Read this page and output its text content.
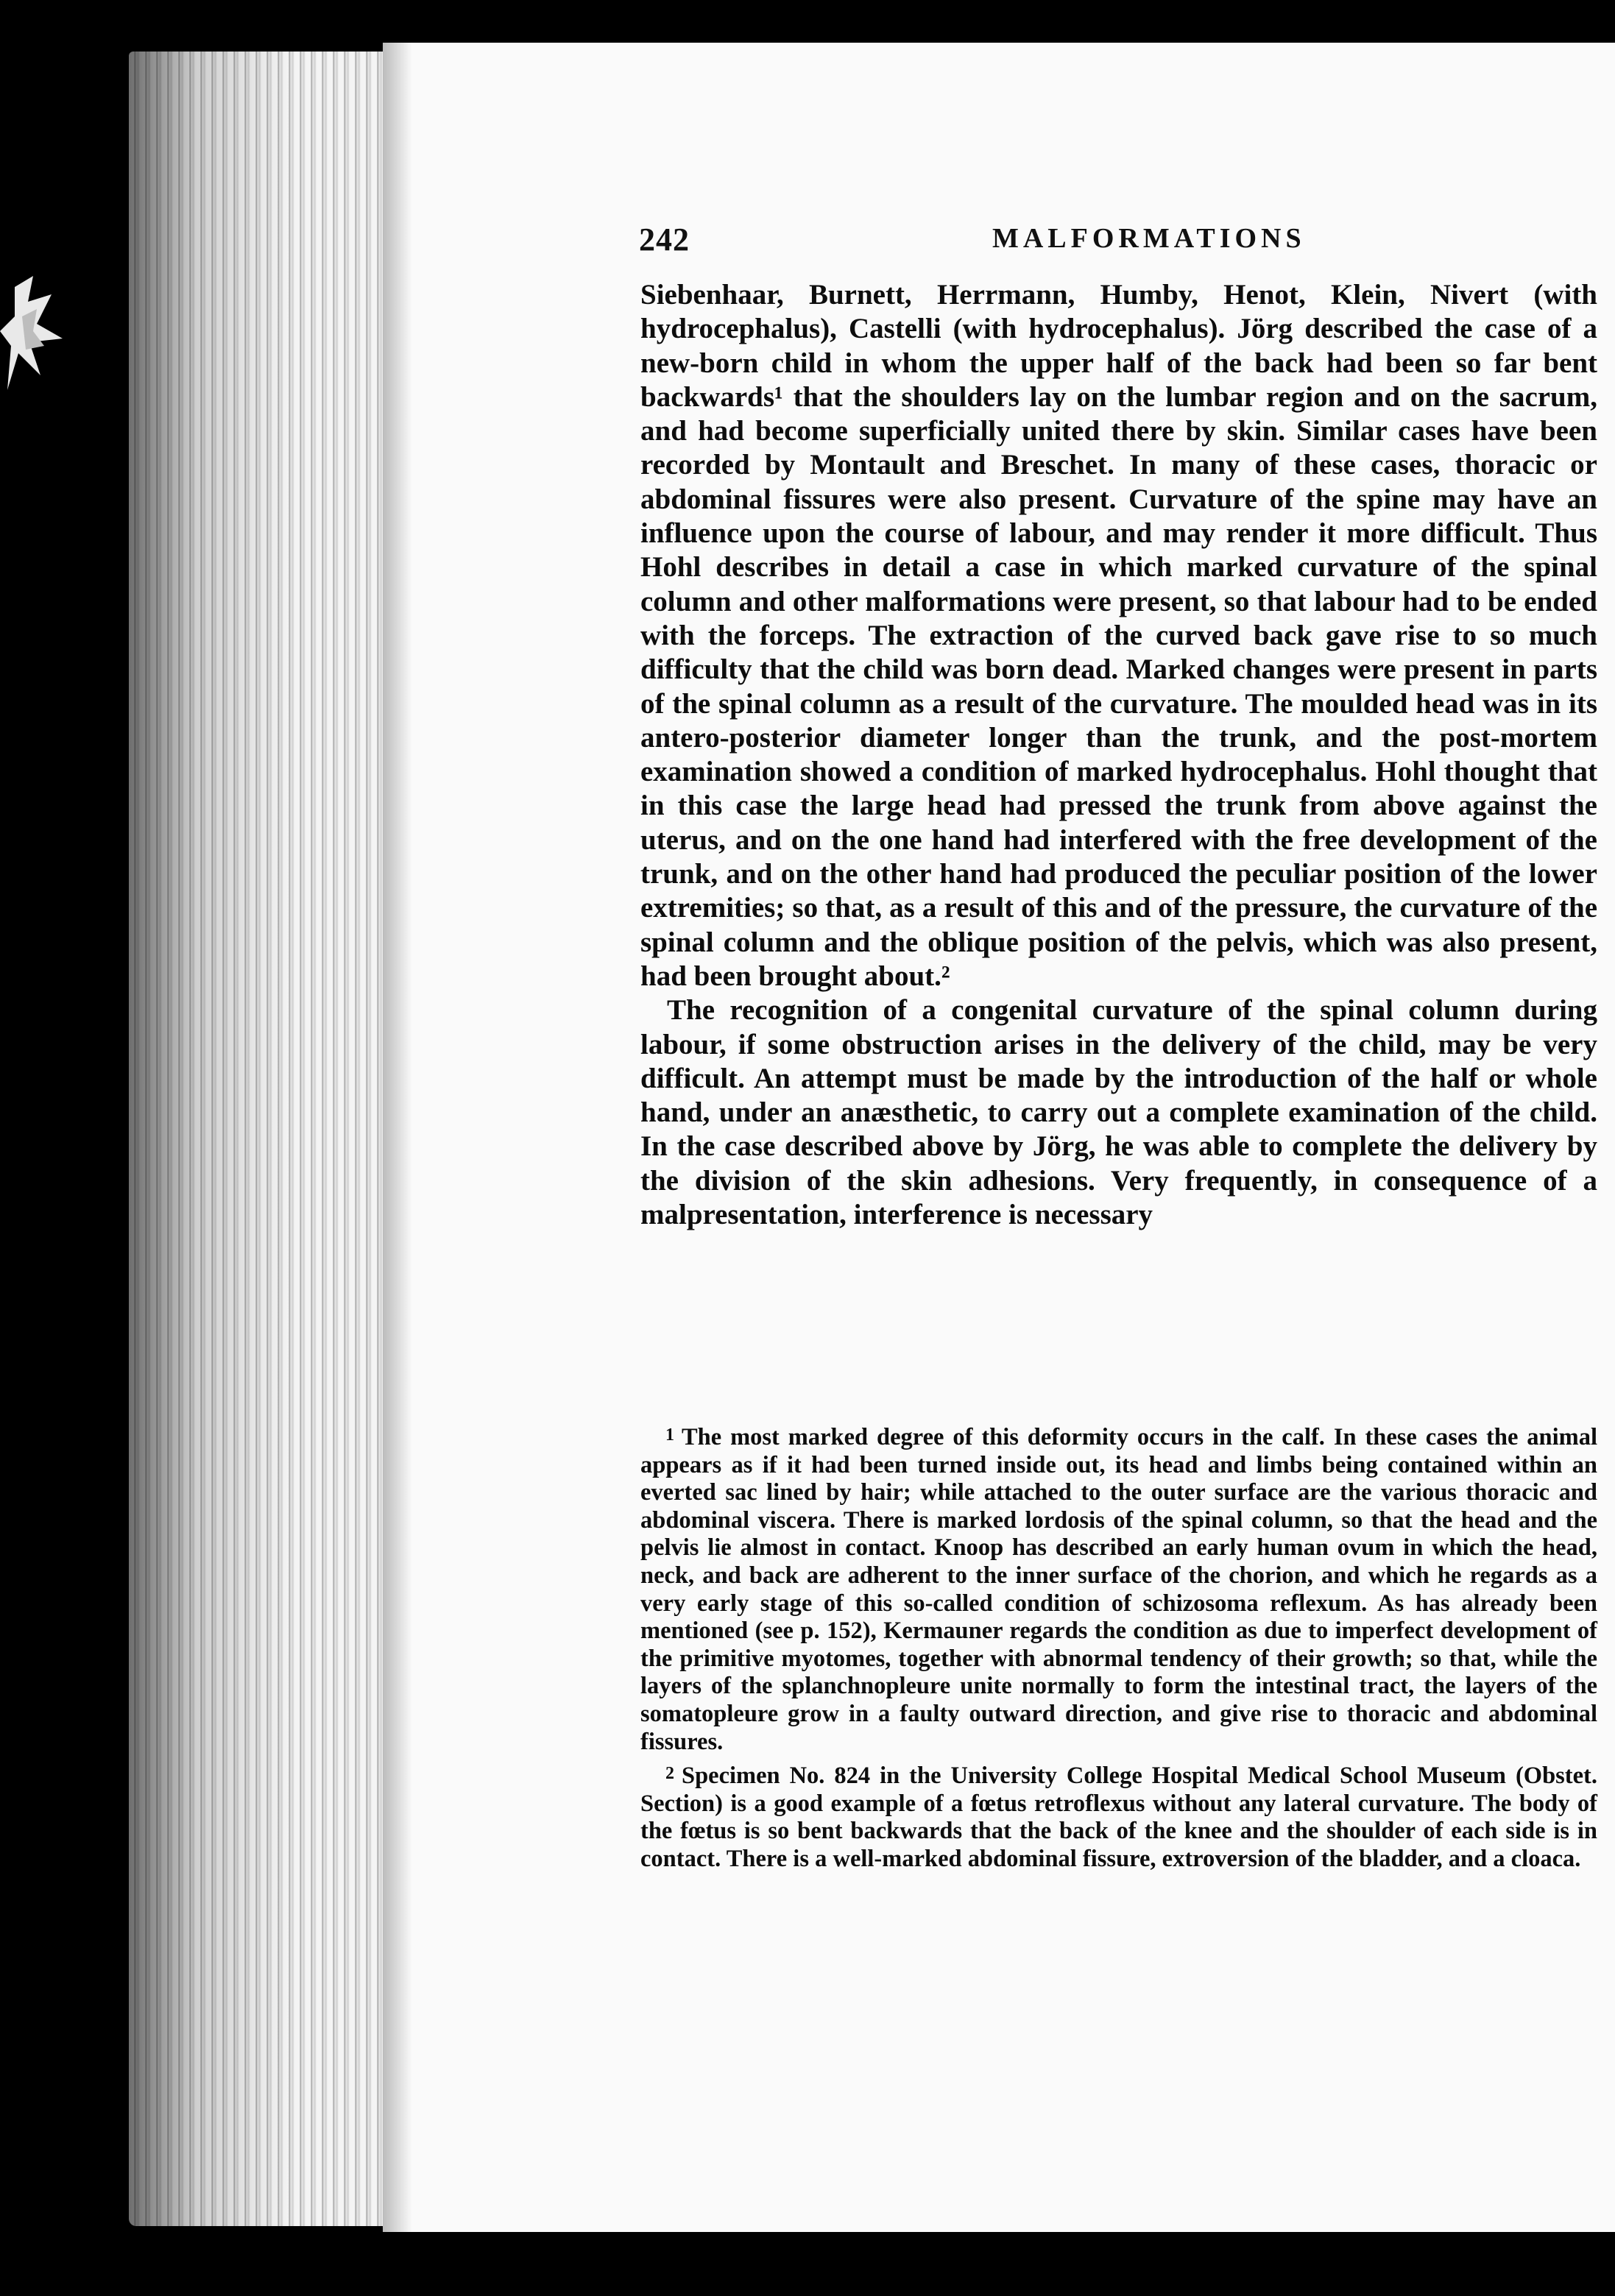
242	MALFORMATIONS

Siebenhaar, Burnett, Herrmann, Humby, Henot, Klein, Nivert (with hydrocephalus), Castelli (with hydrocephalus). Jörg described the case of a new-born child in whom the upper half of the back had been so far bent backwards¹ that the shoulders lay on the lumbar region and on the sacrum, and had become superficially united there by skin. Similar cases have been recorded by Montault and Breschet. In many of these cases, thoracic or abdominal fissures were also present. Curvature of the spine may have an influence upon the course of labour, and may render it more difficult. Thus Hohl describes in detail a case in which marked curvature of the spinal column and other malformations were present, so that labour had to be ended with the forceps. The extraction of the curved back gave rise to so much difficulty that the child was born dead. Marked changes were present in parts of the spinal column as a result of the curvature. The moulded head was in its antero-posterior diameter longer than the trunk, and the post-mortem examination showed a condition of marked hydrocephalus. Hohl thought that in this case the large head had pressed the trunk from above against the uterus, and on the one hand had interfered with the free development of the trunk, and on the other hand had produced the peculiar position of the lower extremities; so that, as a result of this and of the pressure, the curvature of the spinal column and the oblique position of the pelvis, which was also present, had been brought about.²

The recognition of a congenital curvature of the spinal column during labour, if some obstruction arises in the delivery of the child, may be very difficult. An attempt must be made by the introduction of the half or whole hand, under an anæsthetic, to carry out a complete examination of the child. In the case described above by Jörg, he was able to complete the delivery by the division of the skin adhesions. Very frequently, in consequence of a malpresentation, interference is necessary

1 The most marked degree of this deformity occurs in the calf. In these cases the animal appears as if it had been turned inside out, its head and limbs being contained within an everted sac lined by hair; while attached to the outer surface are the various thoracic and abdominal viscera. There is marked lordosis of the spinal column, so that the head and the pelvis lie almost in contact. Knoop has described an early human ovum in which the head, neck, and back are adherent to the inner surface of the chorion, and which he regards as a very early stage of this so-called condition of schizosoma reflexum. As has already been mentioned (see p. 152), Kermauner regards the condition as due to imperfect development of the primitive myotomes, together with abnormal tendency of their growth; so that, while the layers of the splanchnopleure unite normally to form the intestinal tract, the layers of the somatopleure grow in a faulty outward direction, and give rise to thoracic and abdominal fissures.

2 Specimen No. 824 in the University College Hospital Medical School Museum (Obstet. Section) is a good example of a fœtus retroflexus without any lateral curvature. The body of the fœtus is so bent backwards that the back of the knee and the shoulder of each side is in contact. There is a well-marked abdominal fissure, extroversion of the bladder, and a cloaca.
